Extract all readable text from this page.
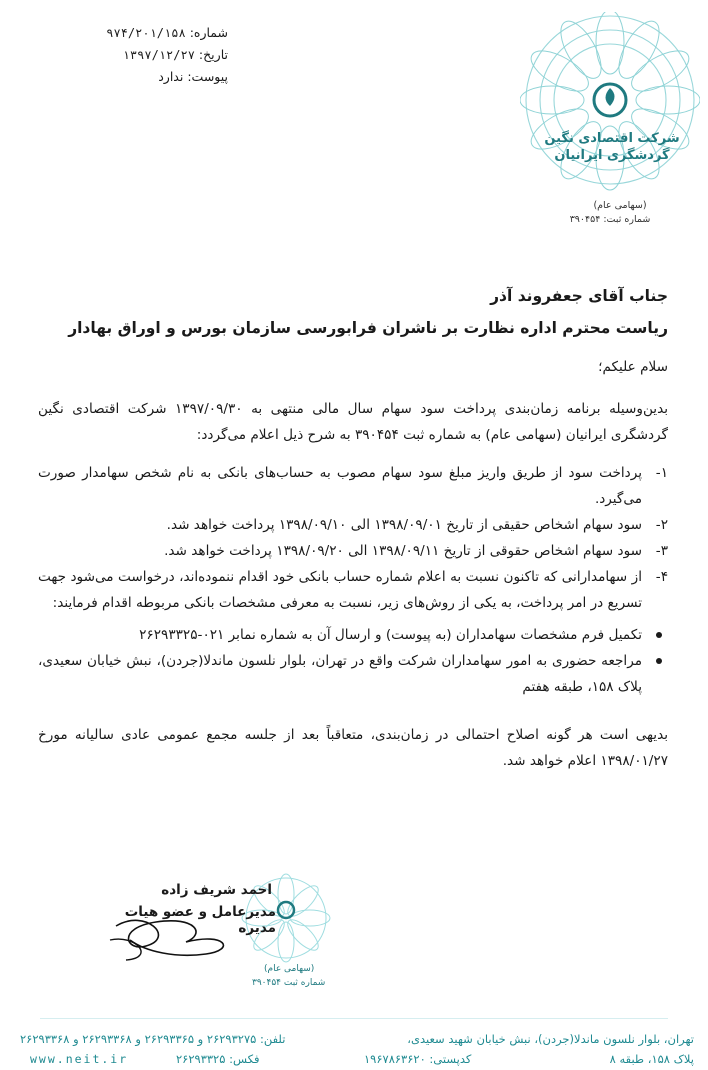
شماره: ۹۷۴/۲۰۱/۱۵۸
تاریخ: ۱۳۹۷/۱۲/۲۷
پیوست: ندارد
شرکت اقتصادی نگین
گردشگری ایرانیان
(سهامی عام)
شماره ثبت: ۳۹۰۴۵۴
جناب آقای جعفروند آذر
ریاست محترم اداره نظارت بر ناشران فرابورسی سازمان بورس و اوراق بهادار

سلام علیکم؛

بدین‌وسیله برنامه زمان‌بندی پرداخت سود سهام سال مالی منتهی به ۱۳۹۷/۰۹/۳۰ شرکت اقتصادی نگین گردشگری ایرانیان (سهامی عام) به شماره ثبت ۳۹۰۴۵۴ به شرح ذیل اعلام می‌گردد:

۱-
پرداخت سود از طریق واریز مبلغ سود سهام مصوب به حساب‌های بانکی به نام شخص سهامدار صورت می‌گیرد.
۲-
سود سهام اشخاص حقیقی از تاریخ ۱۳۹۸/۰۹/۰۱ الی ۱۳۹۸/۰۹/۱۰ پرداخت خواهد شد.
۳-
سود سهام اشخاص حقوقی از تاریخ ۱۳۹۸/۰۹/۱۱ الی ۱۳۹۸/۰۹/۲۰ پرداخت خواهد شد.
۴-
از سهامدارانی که تاکنون نسبت به اعلام شماره حساب بانکی خود اقدام ننموده‌اند، درخواست می‌شود جهت تسریع در امر پرداخت، به یکی از روش‌های زیر، نسبت به معرفی مشخصات بانکی مربوطه اقدام فرمایند:
تکمیل فرم مشخصات سهامداران (به پیوست) و ارسال آن به شماره نمابر ۰۲۱-۲۶۲۹۳۳۲۵
مراجعه حضوری به امور سهامداران شرکت واقع در تهران، بلوار نلسون ماندلا(جردن)، نبش خیابان سعیدی، پلاک ۱۵۸، طبقه هفتم

بدیهی است هر گونه اصلاح احتمالی در زمان‌بندی، متعاقباً بعد از جلسه مجمع عمومی عادی سالیانه مورخ ۱۳۹۸/۰۱/۲۷ اعلام خواهد شد.

احمد شریف زاده
مدیرعامل و عضو هیات مدیره
(سهامی عام)
شماره ثبت ۳۹۰۴۵۴
تهران، بلوار نلسون ماندلا(جردن)، نبش خیابان شهید سعیدی،
پلاک ۱۵۸، طبقه ۸
کدپستی: ۱۹۶۷۸۶۳۶۲۰
تلفن: ۲۶۲۹۳۲۷۵ و ۲۶۲۹۳۳۶۵ و ۲۶۲۹۳۳۶۸ و ۲۶۲۹۳۳۶۸
فکس: ۲۶۲۹۳۳۲۵
www.neit.ir
